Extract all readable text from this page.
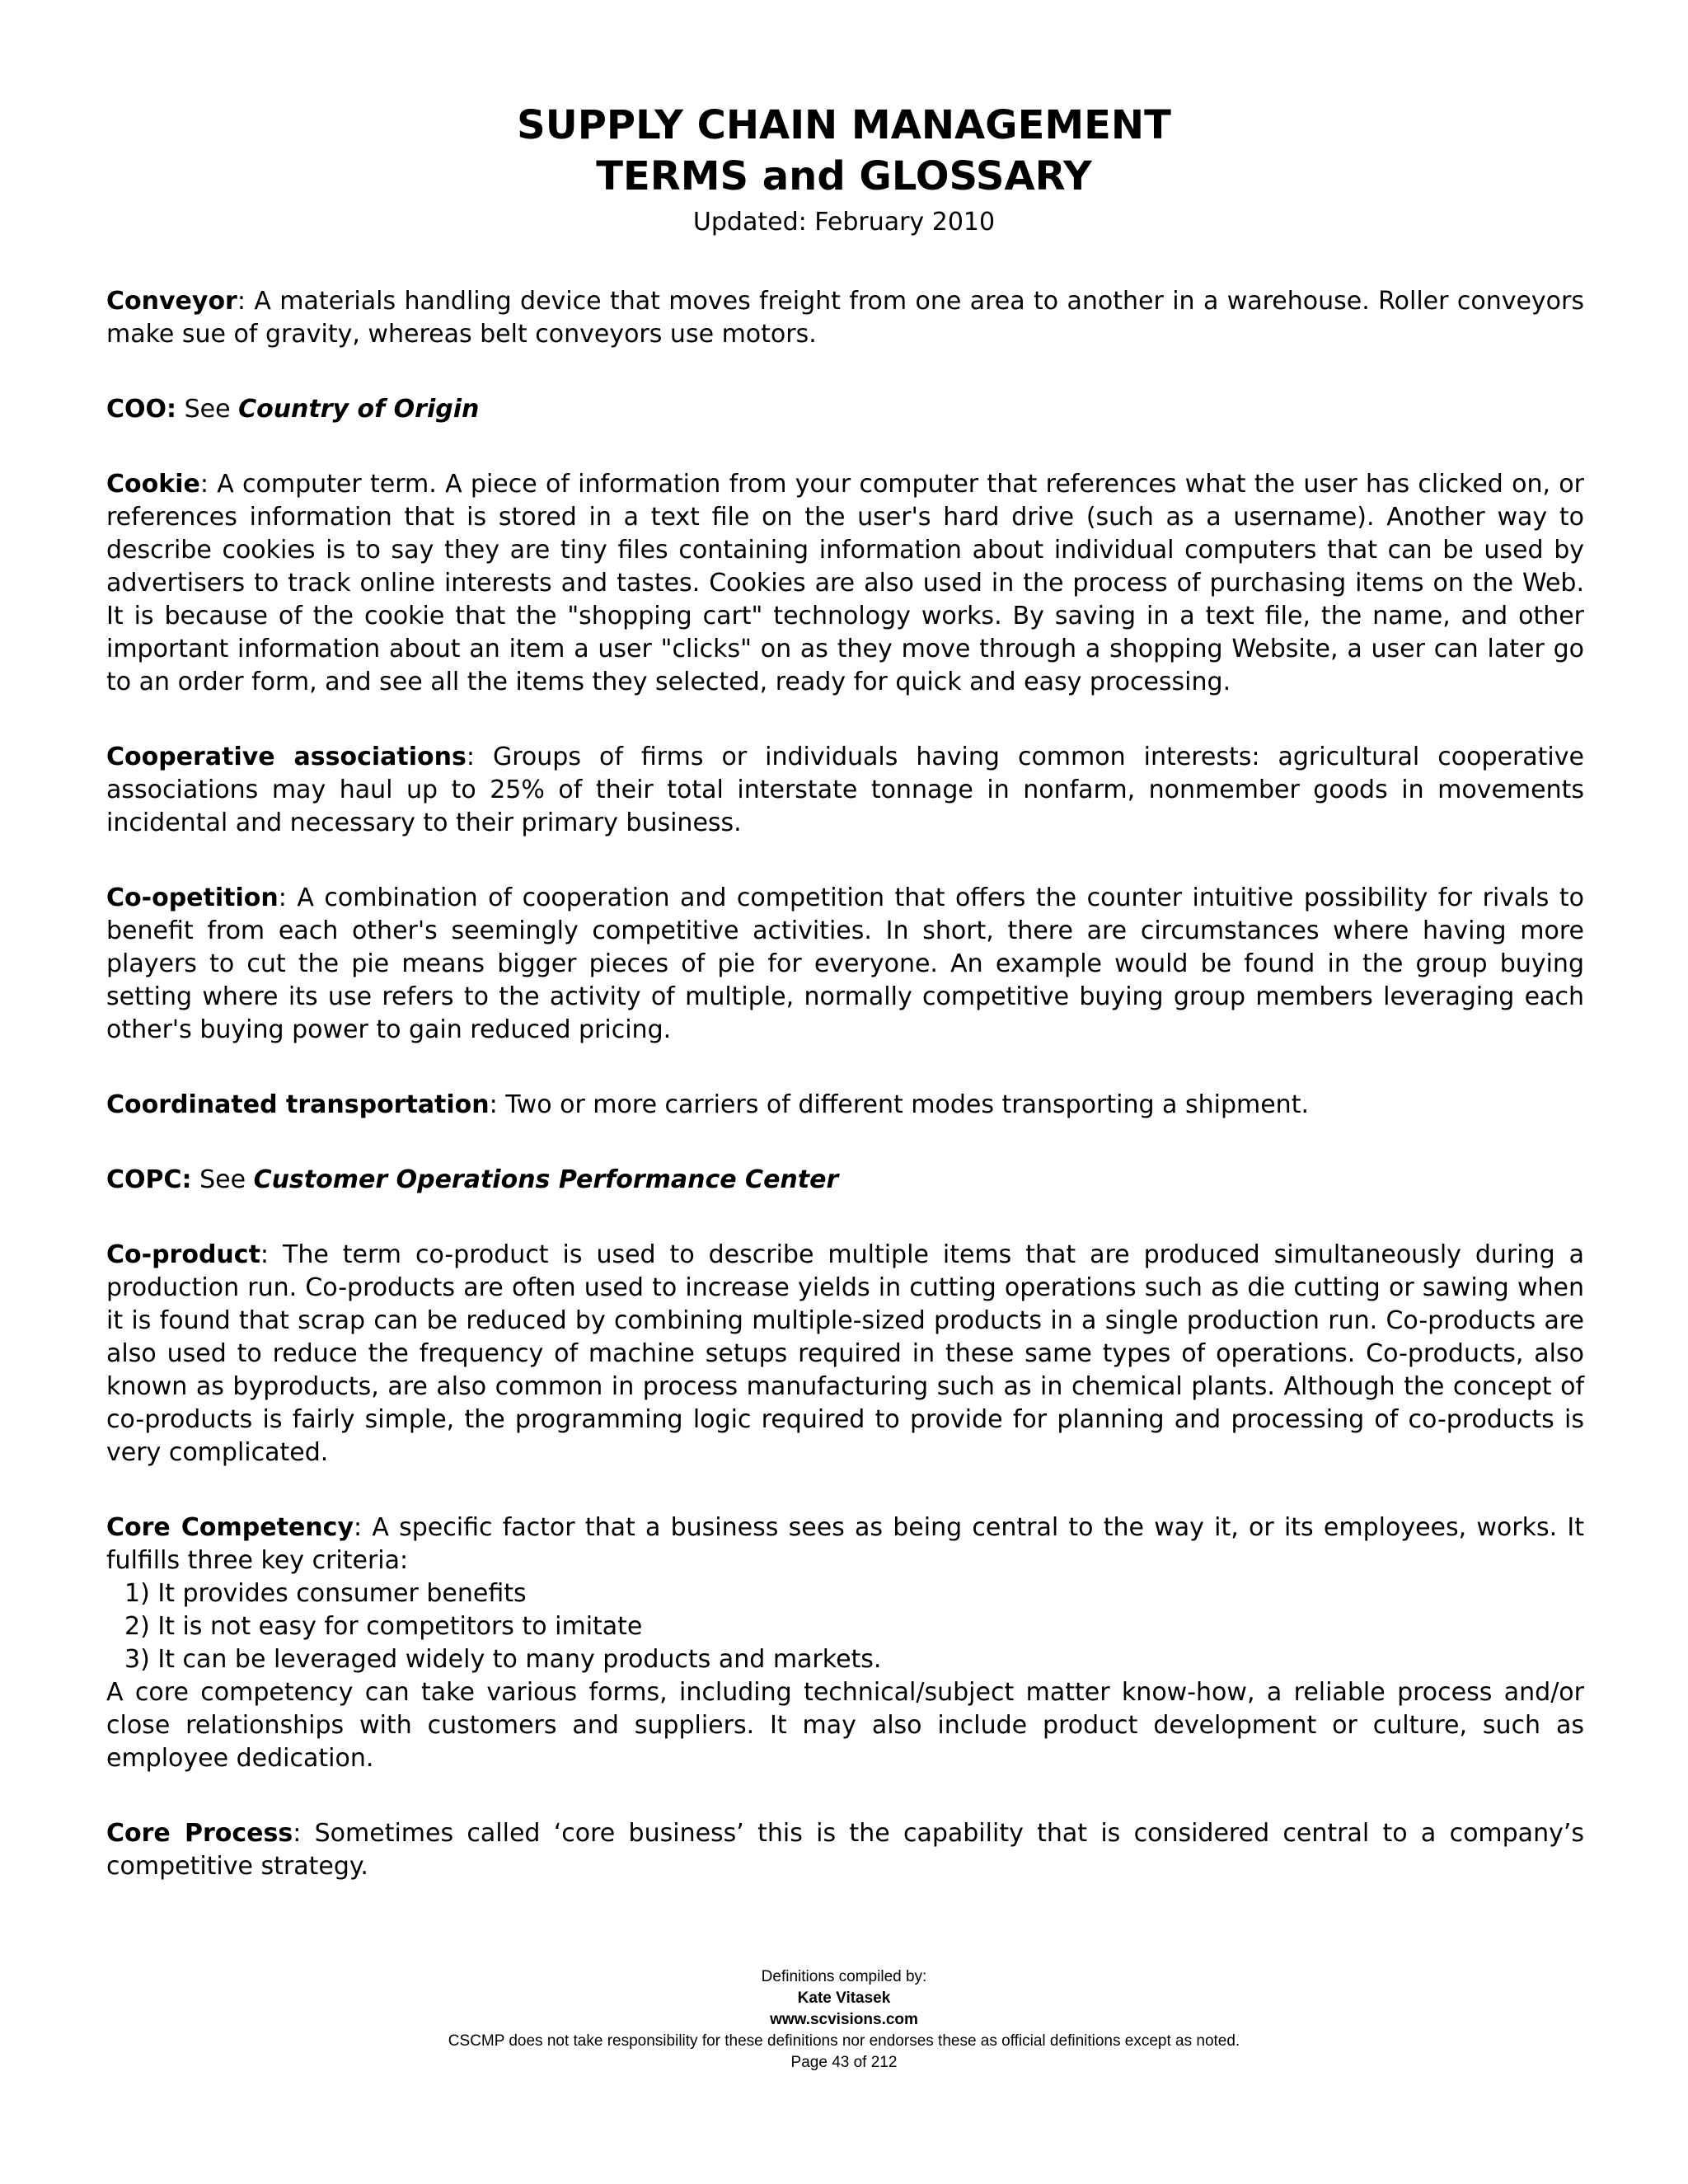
SUPPLY CHAIN MANAGEMENT
TERMS and GLOSSARY
Updated: February 2010

Conveyor: A materials handling device that moves freight from one area to another in a warehouse. Roller conveyors make sue of gravity, whereas belt conveyors use motors.

COO: See Country of Origin

Cookie: A computer term. A piece of information from your computer that references what the user has clicked on, or references information that is stored in a text file on the user's hard drive (such as a username). Another way to describe cookies is to say they are tiny files containing information about individual computers that can be used by advertisers to track online interests and tastes. Cookies are also used in the process of purchasing items on the Web. It is because of the cookie that the "shopping cart" technology works. By saving in a text file, the name, and other important information about an item a user "clicks" on as they move through a shopping Website, a user can later go to an order form, and see all the items they selected, ready for quick and easy processing.

Cooperative associations: Groups of firms or individuals having common interests: agricultural cooperative associations may haul up to 25% of their total interstate tonnage in nonfarm, nonmember goods in movements incidental and necessary to their primary business.

Co-opetition: A combination of cooperation and competition that offers the counter intuitive possibility for rivals to benefit from each other's seemingly competitive activities. In short, there are circumstances where having more players to cut the pie means bigger pieces of pie for everyone. An example would be found in the group buying setting where its use refers to the activity of multiple, normally competitive buying group members leveraging each other's buying power to gain reduced pricing.

Coordinated transportation: Two or more carriers of different modes transporting a shipment.

COPC: See Customer Operations Performance Center

Co-product: The term co-product is used to describe multiple items that are produced simultaneously during a production run. Co-products are often used to increase yields in cutting operations such as die cutting or sawing when it is found that scrap can be reduced by combining multiple-sized products in a single production run. Co-products are also used to reduce the frequency of machine setups required in these same types of operations. Co-products, also known as byproducts, are also common in process manufacturing such as in chemical plants. Although the concept of co-products is fairly simple, the programming logic required to provide for planning and processing of co-products is very complicated.

Core Competency: A specific factor that a business sees as being central to the way it, or its employees, works. It fulfills three key criteria:
1) It provides consumer benefits
2) It is not easy for competitors to imitate
3) It can be leveraged widely to many products and markets.
A core competency can take various forms, including technical/subject matter know-how, a reliable process and/or close relationships with customers and suppliers. It may also include product development or culture, such as employee dedication.

Core Process: Sometimes called ‘core business’ this is the capability that is considered central to a company’s competitive strategy.

Definitions compiled by:
Kate Vitasek
www.scvisions.com
CSCMP does not take responsibility for these definitions nor endorses these as official definitions except as noted.
Page 43 of 212
